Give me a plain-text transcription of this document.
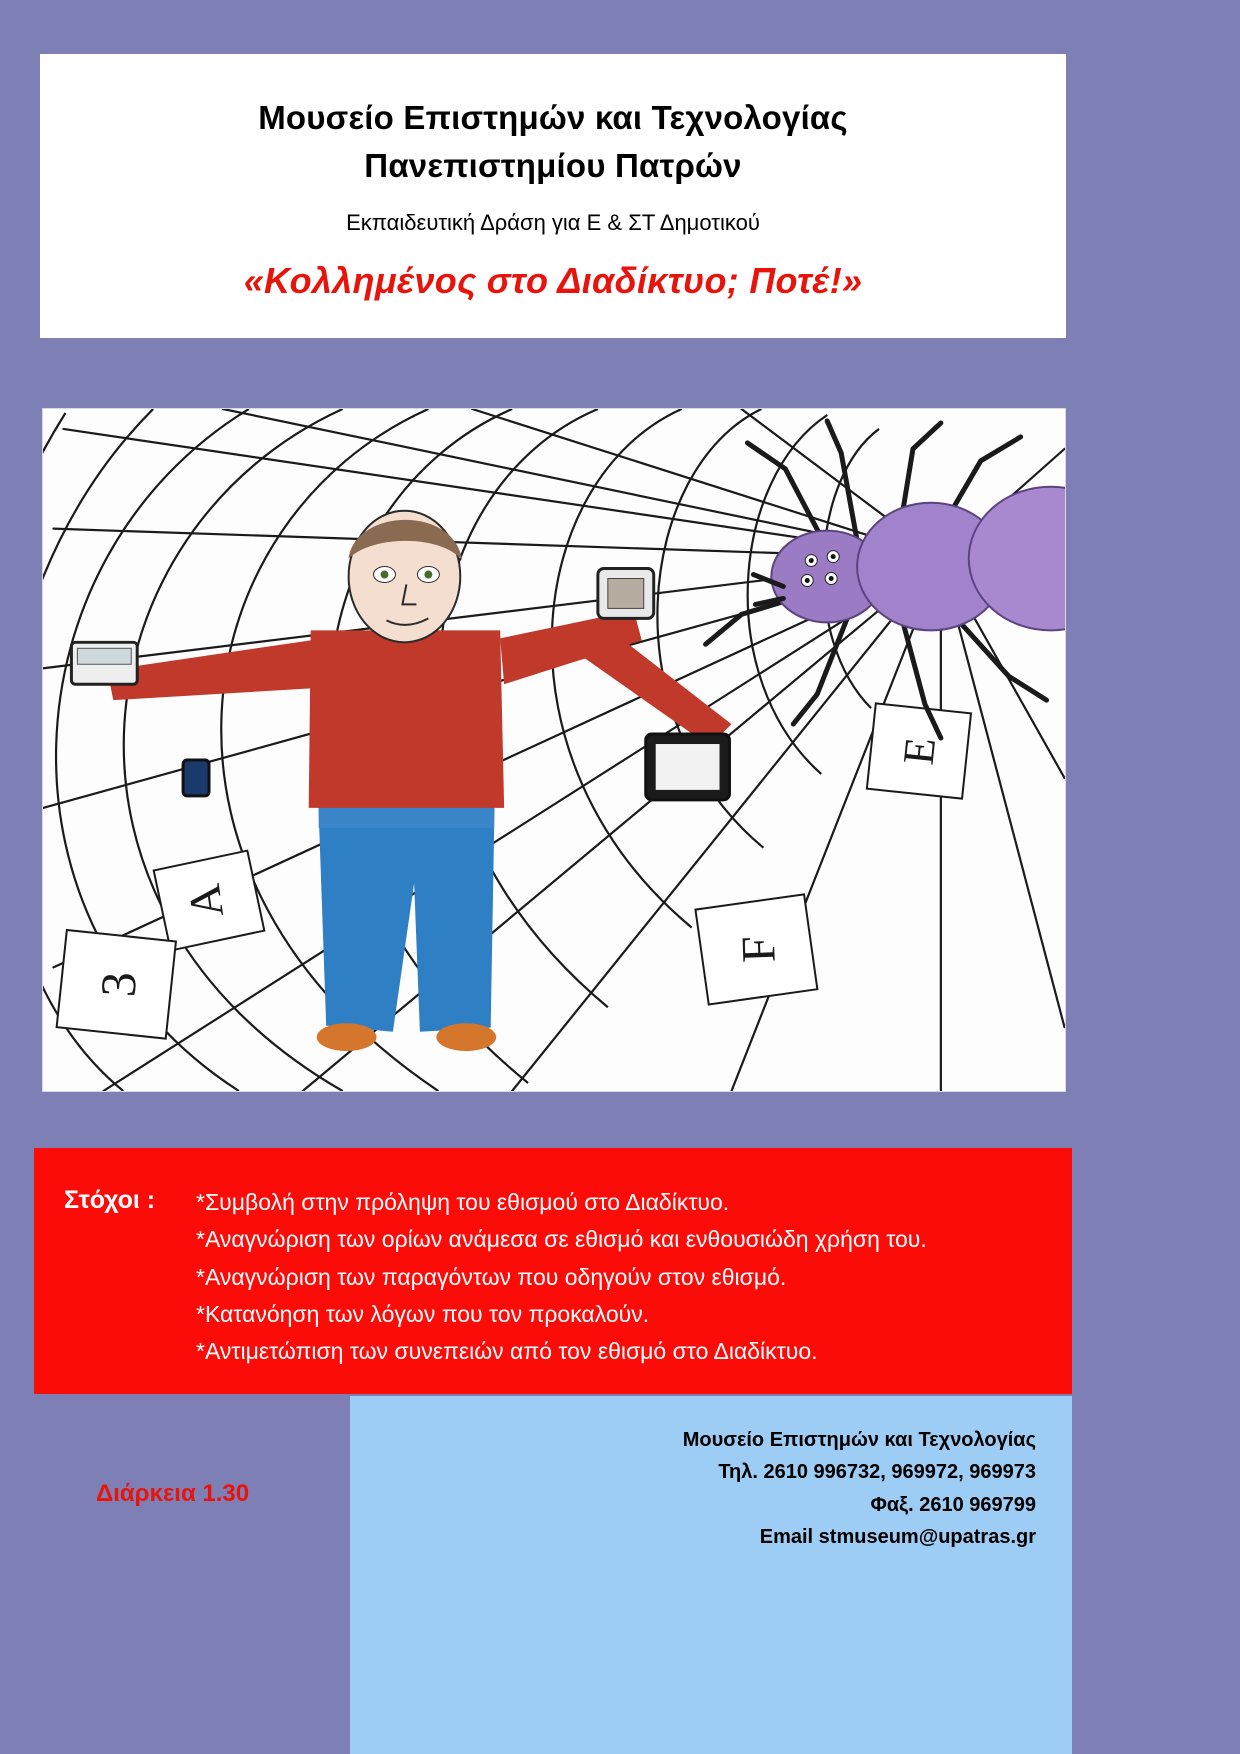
Μουσείο Επιστημών και Τεχνολογίας
Πανεπιστημίου Πατρών
Εκπαιδευτική Δράση για Ε & ΣΤ Δημοτικού
«Κολλημένος στο Διαδίκτυο; Ποτέ!»
A
E
F
3
Στόχοι : *Συμβολή στην πρόληψη του εθισμού στο Διαδίκτυο.
*Αναγνώριση των ορίων ανάμεσα σε εθισμό και ενθουσιώδη χρήση του.
*Αναγνώριση των παραγόντων που οδηγούν στον εθισμό.
*Κατανόηση των λόγων που τον προκαλούν.
*Αντιμετώπιση των συνεπειών από τον εθισμό στο Διαδίκτυο.
Μουσείο Επιστημών και Τεχνολογίας
Τηλ. 2610 996732, 969972, 969973
Φαξ. 2610 969799
Email stmuseum@upatras.gr
Διάρκεια 1.30
